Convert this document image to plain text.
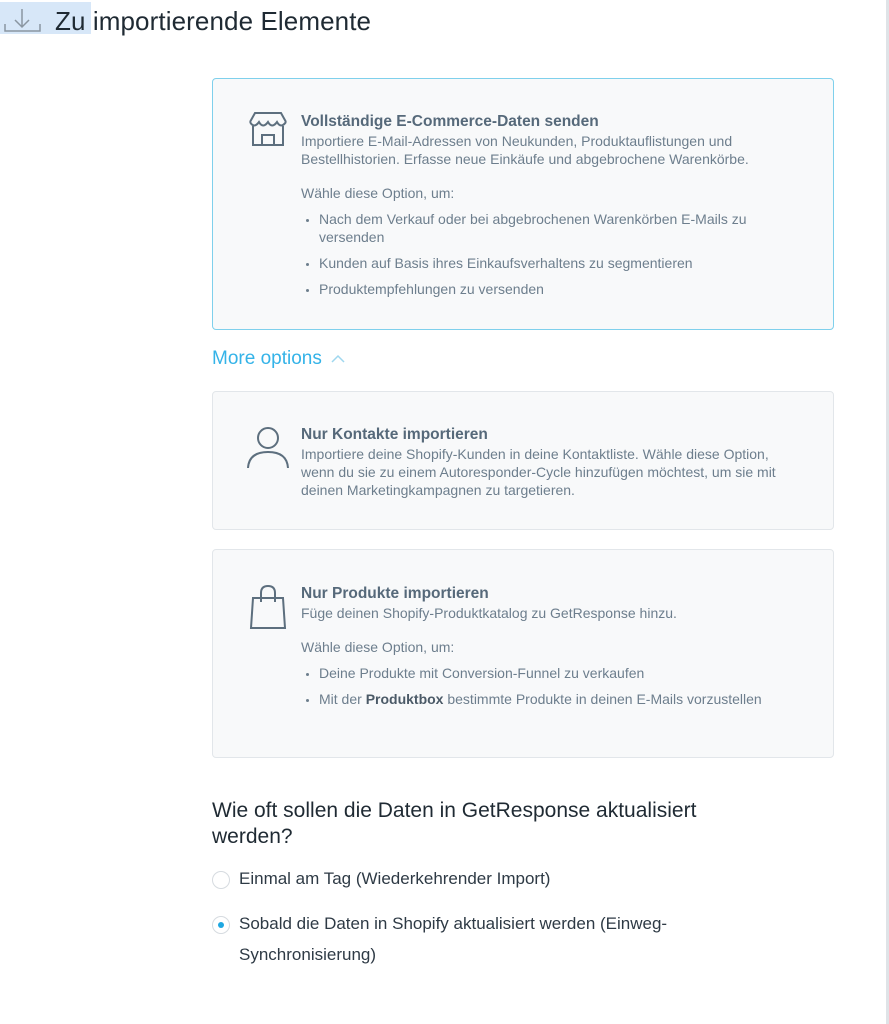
Zu importierende Elemente
Vollständige E-Commerce-Daten senden
Importiere E-Mail-Adressen von Neukunden, Produktauflistungen und Bestellhistorien. Erfasse neue Einkäufe und abgebrochene Warenkörbe.
Wähle diese Option, um:
• Nach dem Verkauf oder bei abgebrochenen Warenkörben E-Mails zu versenden
• Kunden auf Basis ihres Einkaufsverhaltens zu segmentieren
• Produktempfehlungen zu versenden
More options
Nur Kontakte importieren
Importiere deine Shopify-Kunden in deine Kontaktliste. Wähle diese Option, wenn du sie zu einem Autoresponder-Cycle hinzufügen möchtest, um sie mit deinen Marketingkampagnen zu targetieren.
Nur Produkte importieren
Füge deinen Shopify-Produktkatalog zu GetResponse hinzu.
Wähle diese Option, um:
• Deine Produkte mit Conversion-Funnel zu verkaufen
• Mit der Produktbox bestimmte Produkte in deinen E-Mails vorzustellen
Wie oft sollen die Daten in GetResponse aktualisiert werden?
Einmal am Tag (Wiederkehrender Import)
Sobald die Daten in Shopify aktualisiert werden (Einweg-Synchronisierung)
